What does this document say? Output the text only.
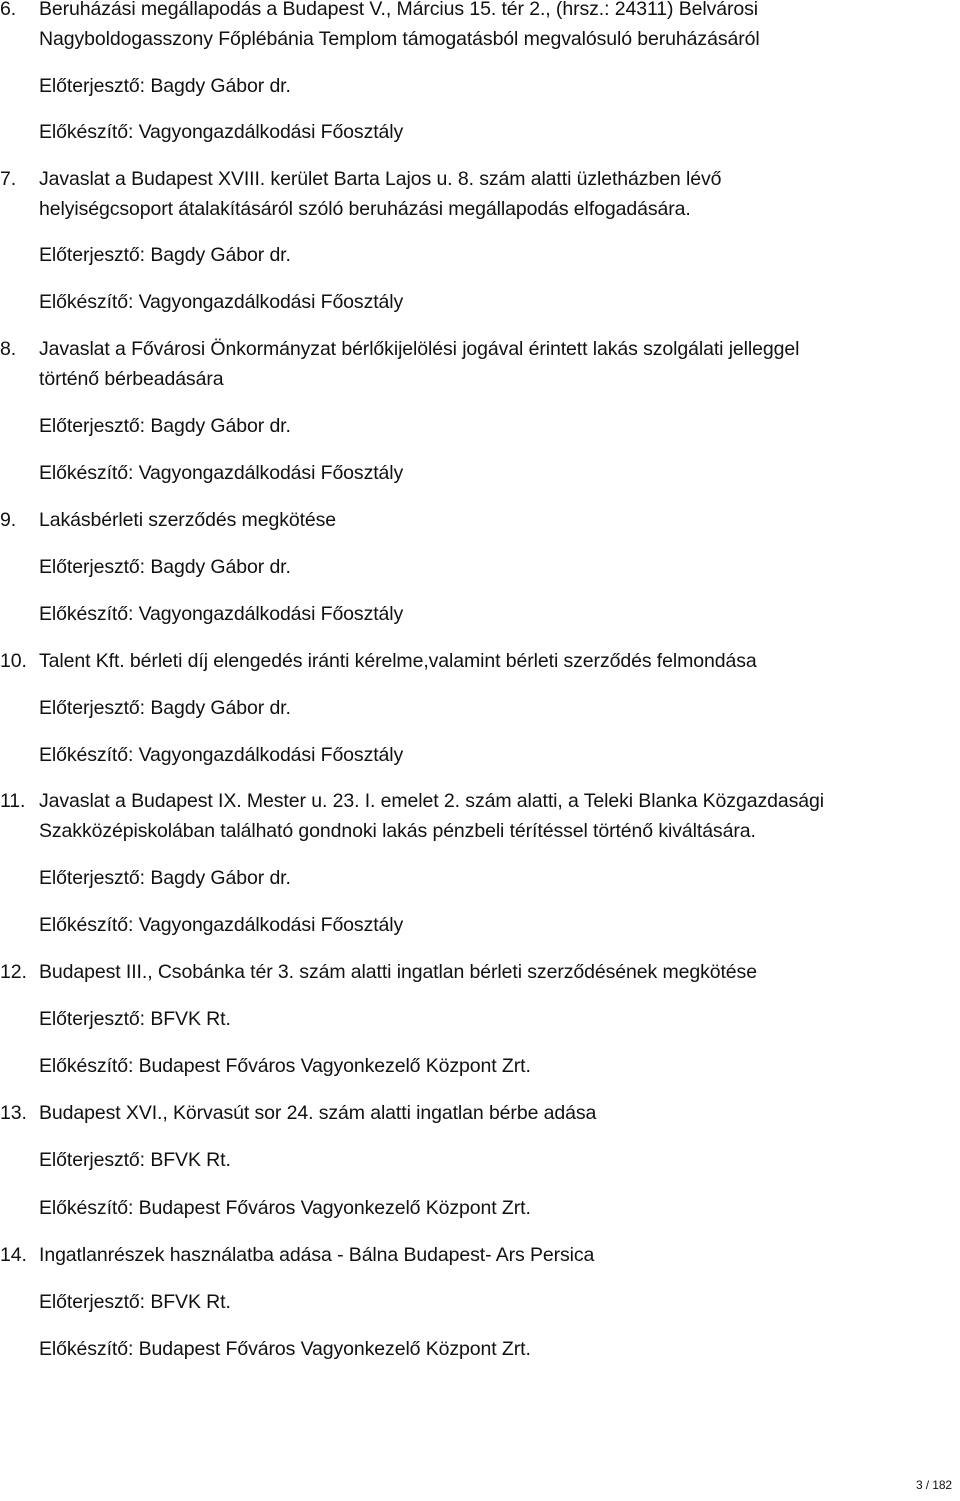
6. Beruházási megállapodás a Budapest V., Március 15. tér 2., (hrsz.: 24311) Belvárosi
Nagyboldogasszony Főplébánia Templom támogatásból megvalósuló beruházásáról
Előterjesztő: Bagdy Gábor dr.
Előkészítő: Vagyongazdálkodási Főosztály
7. Javaslat a Budapest XVIII. kerület Barta Lajos u. 8. szám alatti üzletházben lévő
helyiségcsoport átalakításáról szóló beruházási megállapodás elfogadására.
Előterjesztő: Bagdy Gábor dr.
Előkészítő: Vagyongazdálkodási Főosztály
8. Javaslat a Fővárosi Önkormányzat bérlőkijelölési jogával érintett lakás szolgálati jelleggel
történő bérbeadására
Előterjesztő: Bagdy Gábor dr.
Előkészítő: Vagyongazdálkodási Főosztály
9. Lakásbérleti szerződés megkötése
Előterjesztő: Bagdy Gábor dr.
Előkészítő: Vagyongazdálkodási Főosztály
10. Talent Kft. bérleti díj elengedés iránti kérelme,valamint bérleti szerződés felmondása
Előterjesztő: Bagdy Gábor dr.
Előkészítő: Vagyongazdálkodási Főosztály
11. Javaslat a Budapest IX. Mester u. 23. I. emelet 2. szám alatti, a Teleki Blanka Közgazdasági
Szakközépiskolában található gondnoki lakás pénzbeli térítéssel történő kiváltására.
Előterjesztő: Bagdy Gábor dr.
Előkészítő: Vagyongazdálkodási Főosztály
12. Budapest III., Csobánka tér 3. szám alatti ingatlan bérleti szerződésének megkötése
Előterjesztő: BFVK Rt.
Előkészítő: Budapest Főváros Vagyonkezelő Központ Zrt.
13. Budapest XVI., Körvasút sor 24. szám alatti ingatlan bérbe adása
Előterjesztő: BFVK Rt.
Előkészítő: Budapest Főváros Vagyonkezelő Központ Zrt.
14. Ingatlanrészek használatba adása - Bálna Budapest- Ars Persica
Előterjesztő: BFVK Rt.
Előkészítő: Budapest Főváros Vagyonkezelő Központ Zrt.
3 / 182
